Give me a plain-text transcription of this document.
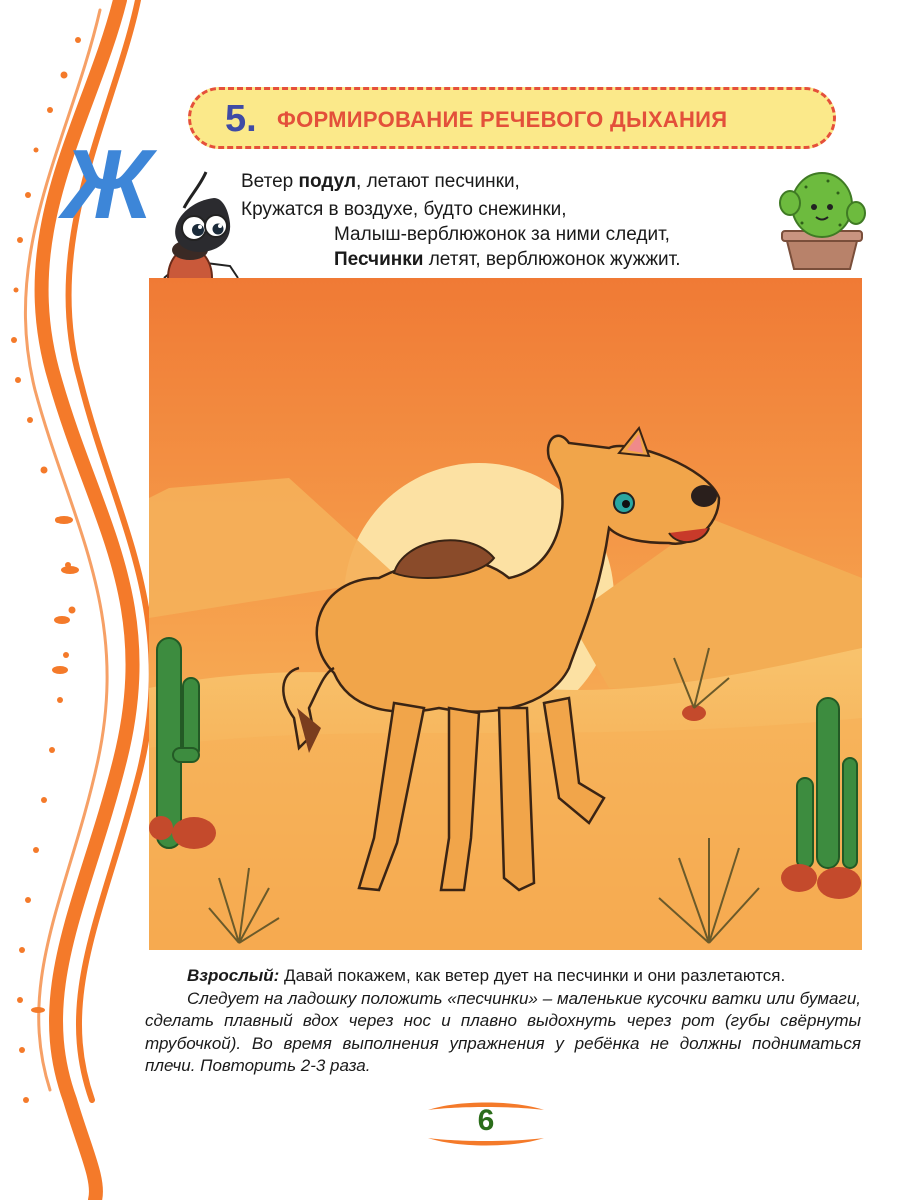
5. ФОРМИРОВАНИЕ РЕЧЕВОГО ДЫХАНИЯ
Ж	Ветер подул, летают песчинки,
Кружатся в воздухе, будто снежинки,
Малыш-верблюжонок за ними следит,
Песчинки летят, верблюжонок жужжит.

Взрослый: Давай покажем, как ветер дует на песчинки и они разлетаются.

Следует на ладошку положить «песчинки» – маленькие кусочки ватки или бумаги, сделать плавный вдох через нос и плавно выдохнуть через рот (губы свёрнуты трубочкой). Во время выполнения упражнения у ребёнка не должны подниматься плечи. Повторить 2-3 раза.

6
